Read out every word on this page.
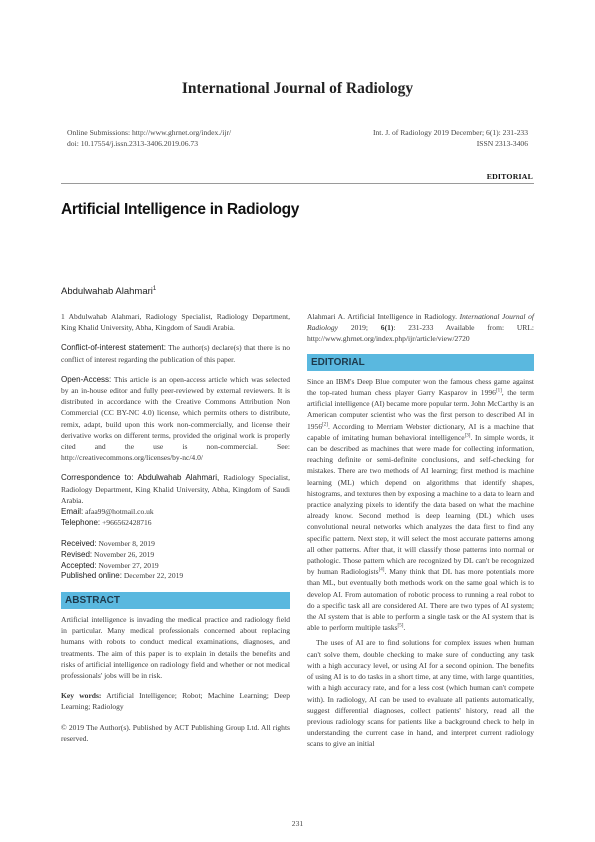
International Journal of Radiology
Online Submissions: http://www.ghrnet.org/index./ijr/
doi: 10.17554/j.issn.2313-3406.2019.06.73
Int. J. of Radiology 2019 December; 6(1): 231-233
ISSN 2313-3406
EDITORIAL
Artificial Intelligence in Radiology
Abdulwahab Alahmari$^1$

1 Abdulwahab Alahmari, Radiology Specialist, Radiology Department, King Khalid University, Abha, Kingdom of Saudi Arabia.

Conflict-of-interest statement: The author(s) declare(s) that there is no conflict of interest regarding the publication of this paper.

Open-Access: This article is an open-access article which was selected by an in-house editor and fully peer-reviewed by external reviewers. It is distributed in accordance with the Creative Commons Attribution Non Commercial (CC BY-NC 4.0) license, which permits others to distribute, remix, adapt, build upon this work non-commercially, and license their derivative works on different terms, provided the original work is properly cited and the use is non-commercial. See: http://creativecommons.org/licenses/by-nc/4.0/

Correspondence to: Abdulwahab Alahmari, Radiology Specialist, Radiology Department, King Khalid University, Abha, Kingdom of Saudi Arabia.

Email: afaa99@hotmail.co.uk
Telephone: +966562428716
Received: November 8, 2019
Revised: November 26, 2019
Accepted: November 27, 2019
Published online: December 22, 2019
ABSTRACT

Artificial intelligence is invading the medical practice and radiology field in particular. Many medical professionals concerned about replacing humans with robots to conduct medical examinations, diagnoses, and treatments. The aim of this paper is to explain in details the benefits and risks of artificial intelligence on radiology field and whether or not medical professionals' jobs will be in risk.

Key words: Artificial Intelligence; Robot; Machine Learning; Deep Learning; Radiology

© 2019 The Author(s). Published by ACT Publishing Group Ltd. All rights reserved.

Alahmari A. Artificial Intelligence in Radiology. International Journal of Radiology 2019; 6(1): 231-233 Available from: URL: http://www.ghrnet.org/index.php/ijr/article/view/2720

EDITORIAL

Since an IBM's Deep Blue computer won the famous chess game against the top-rated human chess player Garry Kasparov in 1996[1], the term artificial intelligence (AI) became more popular term. John McCarthy is an American computer scientist who was the first person to described AI in 1956[2]. According to Merriam Webster dictionary, AI is a machine that capable of imitating human behavioral intelligence[3]. In simple words, it can be described as machines that were made for collecting information, reaching definite or semi-definite conclusions, and self-checking for mistakes. There are two methods of AI learning; first method is machine learning (ML) which depend on algorithms that identify shapes, histograms, and textures then by exposing a machine to a data to learn and practice analyzing pixels to identify the data based on what the machine already know. Second method is deep learning (DL) which uses convolutional neural networks which analyzes the data first to find any specific pattern. Next step, it will select the most accurate patterns among all other patterns. After that, it will classify those patterns into normal or pathologic. Those pattern which are recognized by DL can't be recognized by human Radiologists[4]. Many think that DL has more potentials more than ML, but eventually both methods work on the same goal which is to develop AI. From automation of robotic process to running a real robot to do a specific task all are considered AI. There are two types of AI system; the AI system that is able to perform a single task or the AI system that is able to perform multiple tasks[5].

The uses of AI are to find solutions for complex issues when human can't solve them, double checking to make sure of conducting any task with a high accuracy level, or using AI for a second opinion. The benefits of using AI is to do tasks in a short time, at any time, with large quantities, with a high accuracy rate, and for a less cost (which human can't compete with). In radiology, AI can be used to evaluate all patients automatically, suggest differential diagnoses, collect patients' history, read all the previous radiology scans for patients like a background check to help in understanding the current case in hand, and interpret current radiology scans to give an initial

231
